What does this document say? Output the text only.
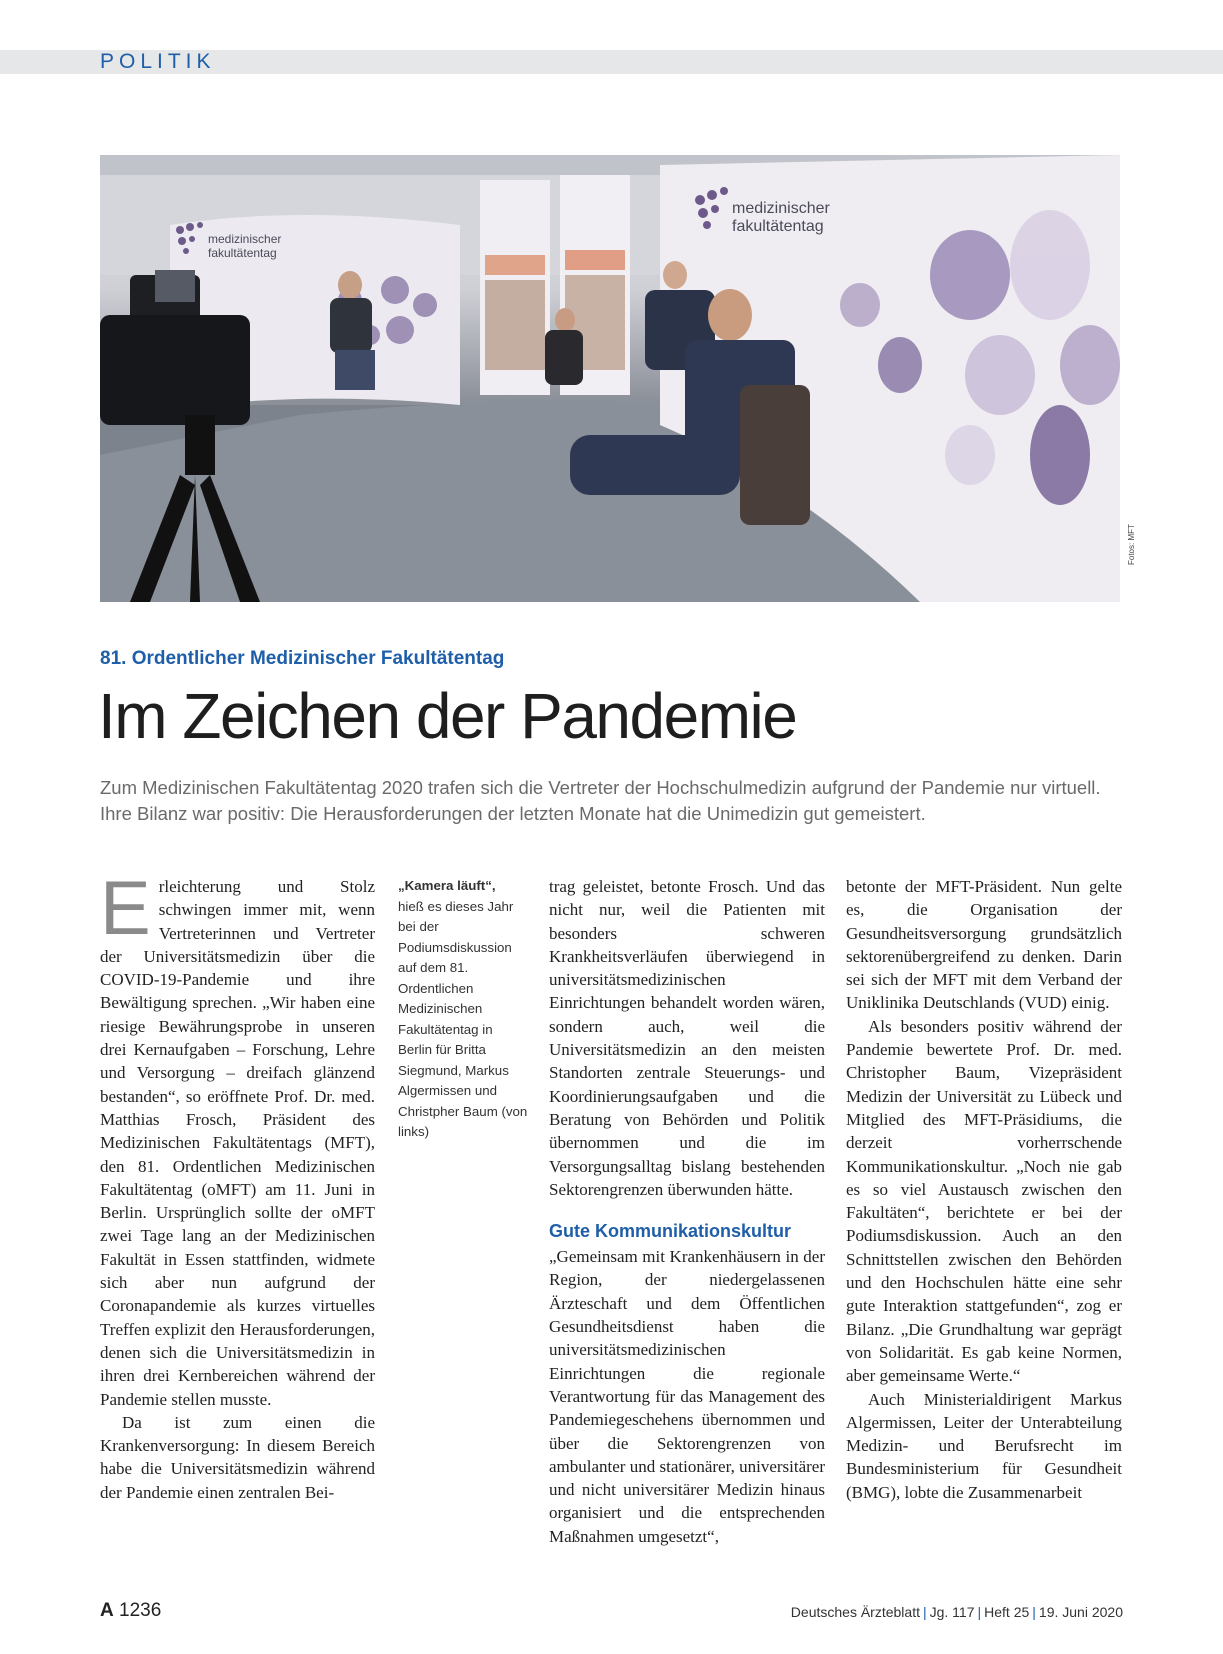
POLITIK
medizinischer
fakultätentag
medizinischer
fakultätentag
Fotos: MFT
81. Ordentlicher Medizinischer Fakultätentag
Im Zeichen der Pandemie
Zum Medizinischen Fakultätentag 2020 trafen sich die Vertreter der Hochschulmedizin aufgrund der Pandemie nur virtuell. Ihre Bilanz war positiv: Die Herausforderungen der letzten Monate hat die Unimedizin gut gemeistert.

Erleichterung und Stolz schwingen immer mit, wenn Vertreterinnen und Vertreter der Universitätsmedizin über die COVID-19-Pandemie und ihre Bewältigung sprechen. „Wir haben eine riesige Bewährungsprobe in unseren drei Kernaufgaben – Forschung, Lehre und Versorgung – dreifach glänzend bestanden“, so eröffnete Prof. Dr. med. Matthias Frosch, Präsident des Medizinischen Fakultätentags (MFT), den 81. Ordentlichen Medizinischen Fakultätentag (oMFT) am 11. Juni in Berlin. Ursprünglich sollte der oMFT zwei Tage lang an der Medizinischen Fakultät in Essen stattfinden, widmete sich aber nun aufgrund der Coronapandemie als kurzes virtuelles Treffen explizit den Herausforderungen, denen sich die Universitätsmedizin in ihren drei Kernbereichen während der Pandemie stellen musste.

Da ist zum einen die Krankenversorgung: In diesem Bereich habe die Universitätsmedizin während der Pandemie einen zentralen Bei-

„Kamera läuft“,
hieß es dieses Jahr bei der Podiumsdiskussion auf dem 81. Ordentlichen Medizinischen Fakultätentag in Berlin für Britta Siegmund, Markus Algermissen und Christpher Baum (von links)

trag geleistet, betonte Frosch. Und das nicht nur, weil die Patienten mit besonders schweren Krankheitsverläufen überwiegend in universitätsmedizinischen Einrichtungen behandelt worden wären, sondern auch, weil die Universitätsmedizin an den meisten Standorten zentrale Steuerungs- und Koordinierungsaufgaben und die Beratung von Behörden und Politik übernommen und die im Versorgungsalltag bislang bestehenden Sektorengrenzen überwunden hätte.

Gute Kommunikationskultur

„Gemeinsam mit Krankenhäusern in der Region, der niedergelassenen Ärzteschaft und dem Öffentlichen Gesundheitsdienst haben die universitätsmedizinischen Einrichtungen die regionale Verantwortung für das Management des Pandemiegeschehens übernommen und über die Sektorengrenzen von ambulanter und stationärer, universitärer und nicht universitärer Medizin hinaus organisiert und die entsprechenden Maßnahmen umgesetzt“,

betonte der MFT-Präsident. Nun gelte es, die Organisation der Gesundheitsversorgung grundsätzlich sektorenübergreifend zu denken. Darin sei sich der MFT mit dem Verband der Uniklinika Deutschlands (VUD) einig.

Als besonders positiv während der Pandemie bewertete Prof. Dr. med. Christopher Baum, Vizepräsident Medizin der Universität zu Lübeck und Mitglied des MFT-Präsidiums, die derzeit vorherrschende Kommunikationskultur. „Noch nie gab es so viel Austausch zwischen den Fakultäten“, berichtete er bei der Podiumsdiskussion. Auch an den Schnittstellen zwischen den Behörden und den Hochschulen hätte eine sehr gute Interaktion stattgefunden“, zog er Bilanz. „Die Grundhaltung war geprägt von Solidarität. Es gab keine Normen, aber gemeinsame Werte.“

Auch Ministerialdirigent Markus Algermissen, Leiter der Unterabteilung Medizin- und Berufsrecht im Bundesministerium für Gesundheit (BMG), lobte die Zusammenarbeit

A 1236	Deutsches Ärzteblatt | Jg. 117 | Heft 25 | 19. Juni 2020
